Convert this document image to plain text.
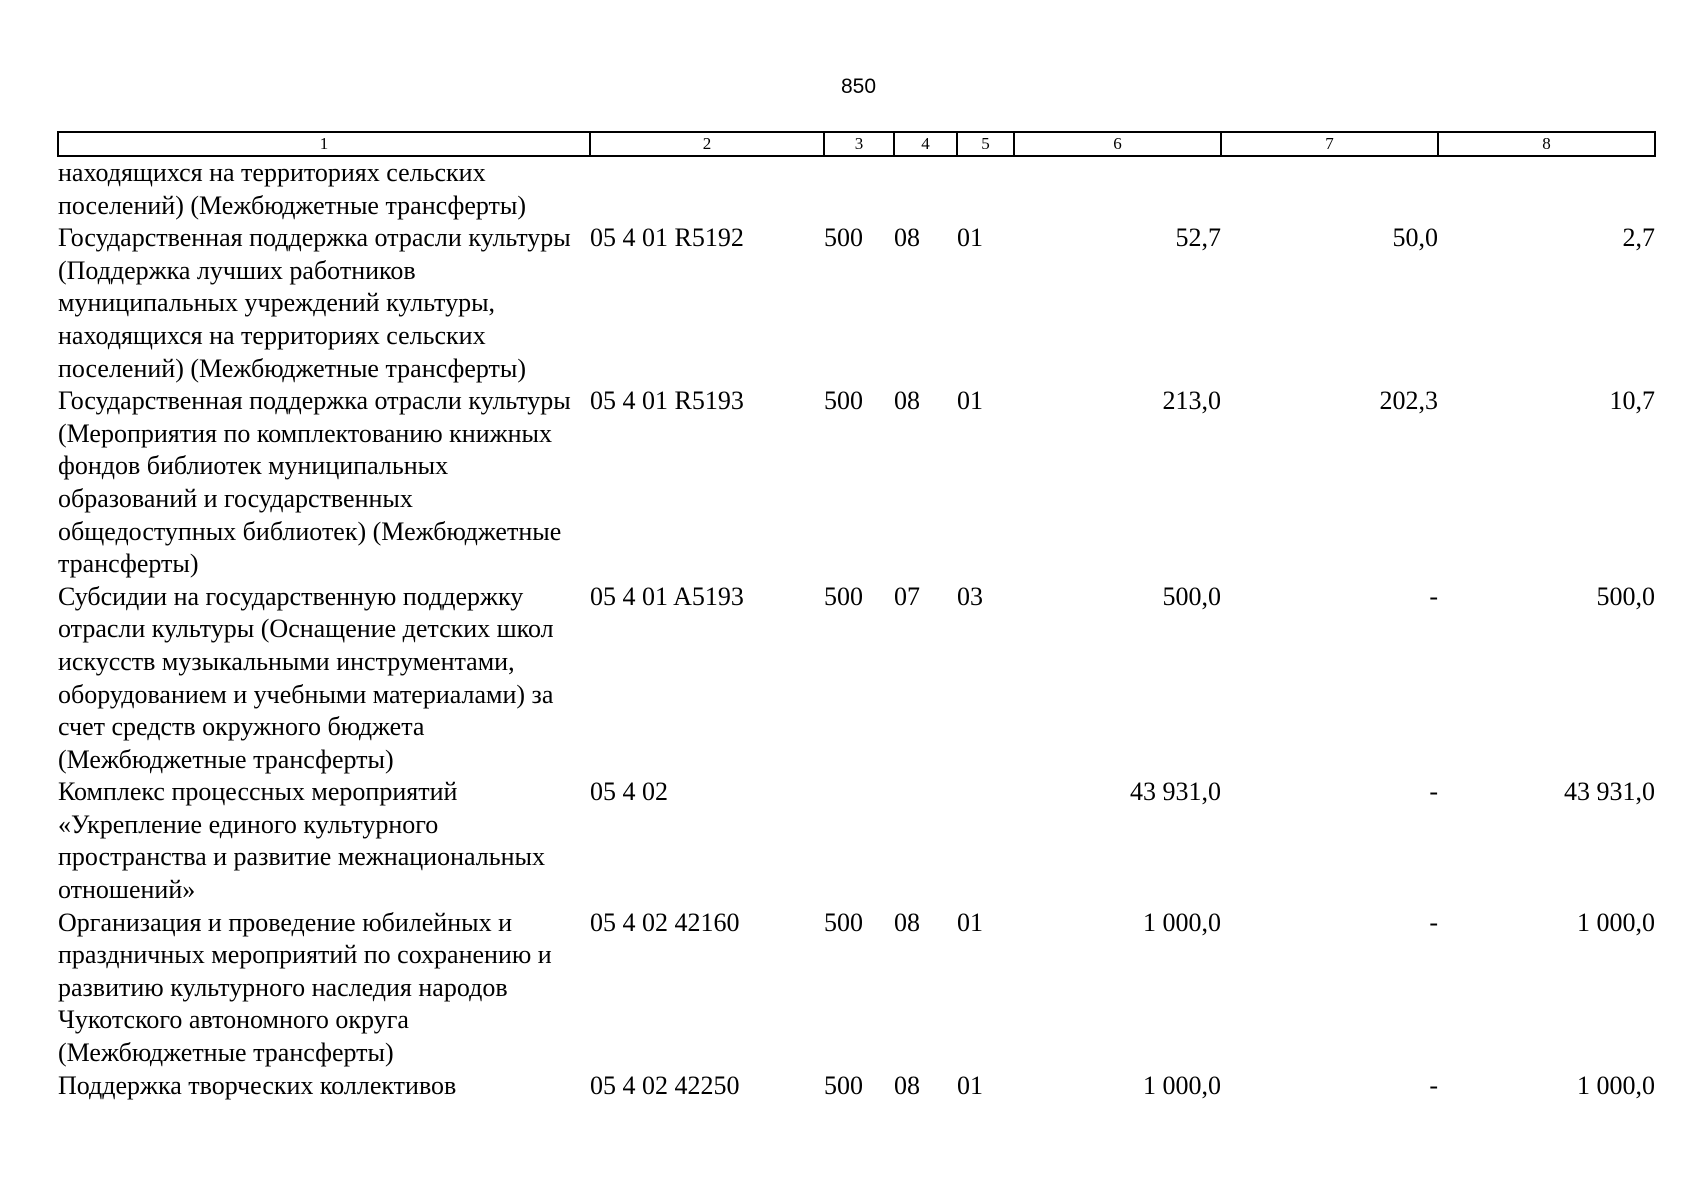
850
1	2	3	4	5	6	7	8
находящихся на территориях сельских поселений) (Межбюджетные трансферты)							
Государственная поддержка отрасли культуры (Поддержка лучших работников муниципальных учреждений культуры, находящихся на территориях сельских поселений) (Межбюджетные трансферты)	05 4 01 R5192	500	08	01	52,7	50,0	2,7
Государственная поддержка отрасли культуры (Мероприятия по комплектованию книжных фондов библиотек муниципальных образований и государственных общедоступных библиотек) (Межбюджетные трансферты)	05 4 01 R5193	500	08	01	213,0	202,3	10,7
Субсидии на государственную поддержку отрасли культуры (Оснащение детских школ искусств музыкальными инструментами, оборудованием и учебными материалами) за счет средств окружного бюджета (Межбюджетные трансферты)	05 4 01 A5193	500	07	03	500,0	-	500,0
Комплекс процессных мероприятий «Укрепление единого культурного пространства и развитие межнациональных отношений»	05 4 02				43 931,0	-	43 931,0
Организация и проведение юбилейных и праздничных мероприятий по сохранению и развитию культурного наследия народов Чукотского автономного округа (Межбюджетные трансферты)	05 4 02 42160	500	08	01	1 000,0	-	1 000,0
Поддержка творческих коллективов	05 4 02 42250	500	08	01	1 000,0	-	1 000,0
